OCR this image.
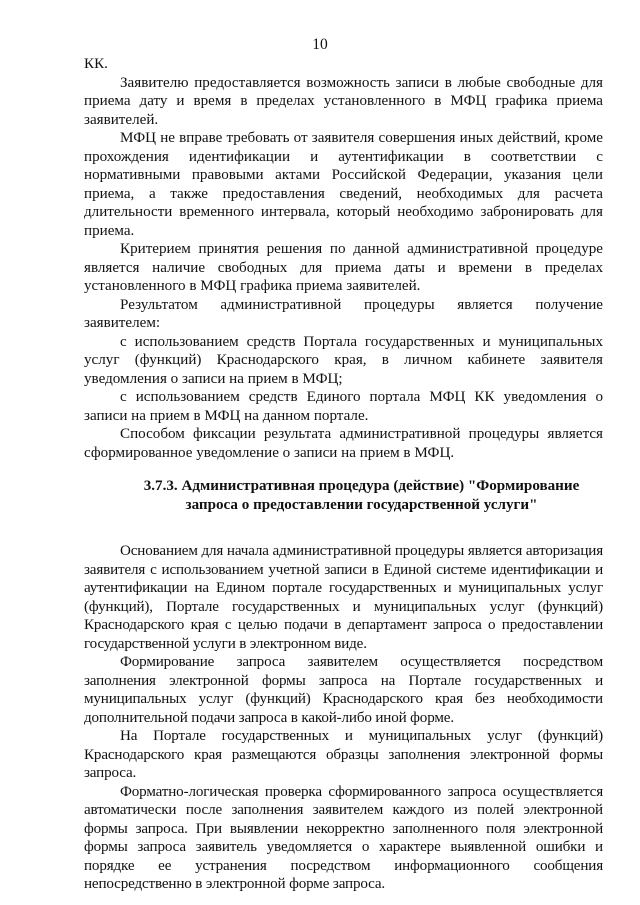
10

КК.

Заявителю предоставляется возможность записи в любые свободные для приема дату и время в пределах установленного в МФЦ графика приема заявителей.

МФЦ не вправе требовать от заявителя совершения иных действий, кроме прохождения идентификации и аутентификации в соответствии с нормативными правовыми актами Российской Федерации, указания цели приема, а также предоставления сведений, необходимых для расчета длительности временного интервала, который необходимо забронировать для приема.

Критерием принятия решения по данной административной процедуре является наличие свободных для приема даты и времени в пределах установленного в МФЦ графика приема заявителей.

Результатом административной процедуры является получение заявителем:

с использованием средств Портала государственных и муниципальных услуг (функций) Краснодарского края, в личном кабинете заявителя уведомления о записи на прием в МФЦ;

с использованием средств Единого портала МФЦ КК уведомления о записи на прием в МФЦ на данном портале.

Способом фиксации результата административной процедуры является сформированное уведомление о записи на прием в МФЦ.

3.7.3. Административная процедура (действие) "Формирование
запроса о предоставлении государственной услуги"

Основанием для начала административной процедуры является авторизация заявителя с использованием учетной записи в Единой системе идентификации и аутентификации на Едином портале государственных и муниципальных услуг (функций), Портале государственных и муниципальных услуг (функций) Краснодарского края с целью подачи в департамент запроса о предоставлении государственной услуги в электронном виде.

Формирование запроса заявителем осуществляется посредством заполнения электронной формы запроса на Портале государственных и муниципальных услуг (функций) Краснодарского края без необходимости дополнительной подачи запроса в какой-либо иной форме.

На Портале государственных и муниципальных услуг (функций) Краснодарского края размещаются образцы заполнения электронной формы запроса.

Форматно-логическая проверка сформированного запроса осуществляется автоматически после заполнения заявителем каждого из полей электронной формы запроса. При выявлении некорректно заполненного поля электронной формы запроса заявитель уведомляется о характере выявленной ошибки и порядке ее устранения посредством информационного сообщения непосредственно в электронной форме запроса.
